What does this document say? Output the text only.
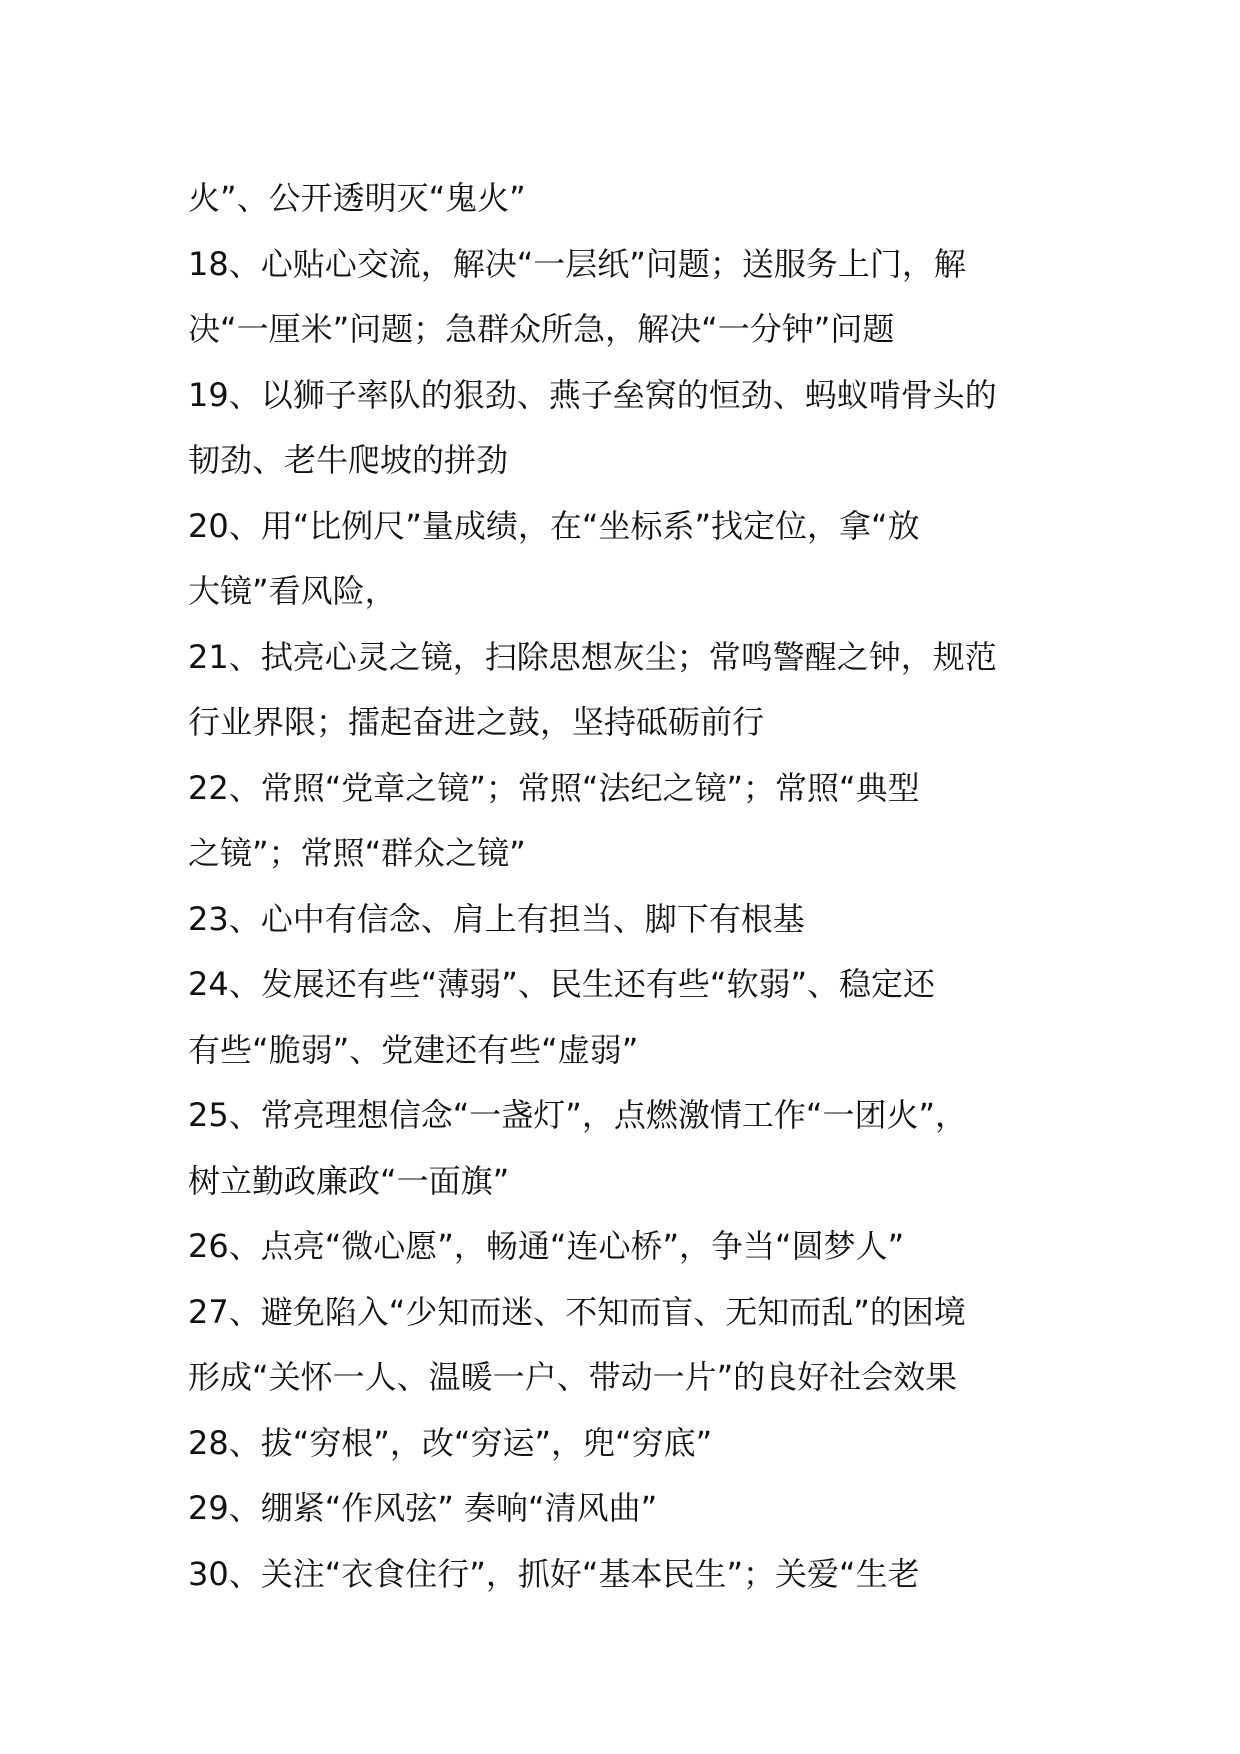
火”、公开透明灭“鬼火”
18、心贴心交流，解决“一层纸”问题；送服务上门，解
决“一厘米”问题；急群众所急，解决“一分钟”问题
19、以狮子率队的狠劲、燕子垒窝的恒劲、蚂蚁啃骨头的
韧劲、老牛爬坡的拼劲
20、用“比例尺”量成绩，在“坐标系”找定位，拿“放
大镜”看风险，
21、拭亮心灵之镜，扫除思想灰尘；常鸣警醒之钟，规范
行业界限；擂起奋进之鼓，坚持砥砺前行
22、常照“党章之镜”；常照“法纪之镜”；常照“典型
之镜”；常照“群众之镜”
23、心中有信念、肩上有担当、脚下有根基
24、发展还有些“薄弱”、民生还有些“软弱”、稳定还
有些“脆弱”、党建还有些“虚弱”
25、常亮理想信念“一盏灯”，点燃激情工作“一团火”，
树立勤政廉政“一面旗”
26、点亮“微心愿”，畅通“连心桥”，争当“圆梦人”
27、避免陷入“少知而迷、不知而盲、无知而乱”的困境
形成“关怀一人、温暖一户、带动一片”的良好社会效果
28、拔“穷根”，改“穷运”，兜“穷底”
29、绷紧“作风弦” 奏响“清风曲”
30、关注“衣食住行”，抓好“基本民生”；关爱“生老
